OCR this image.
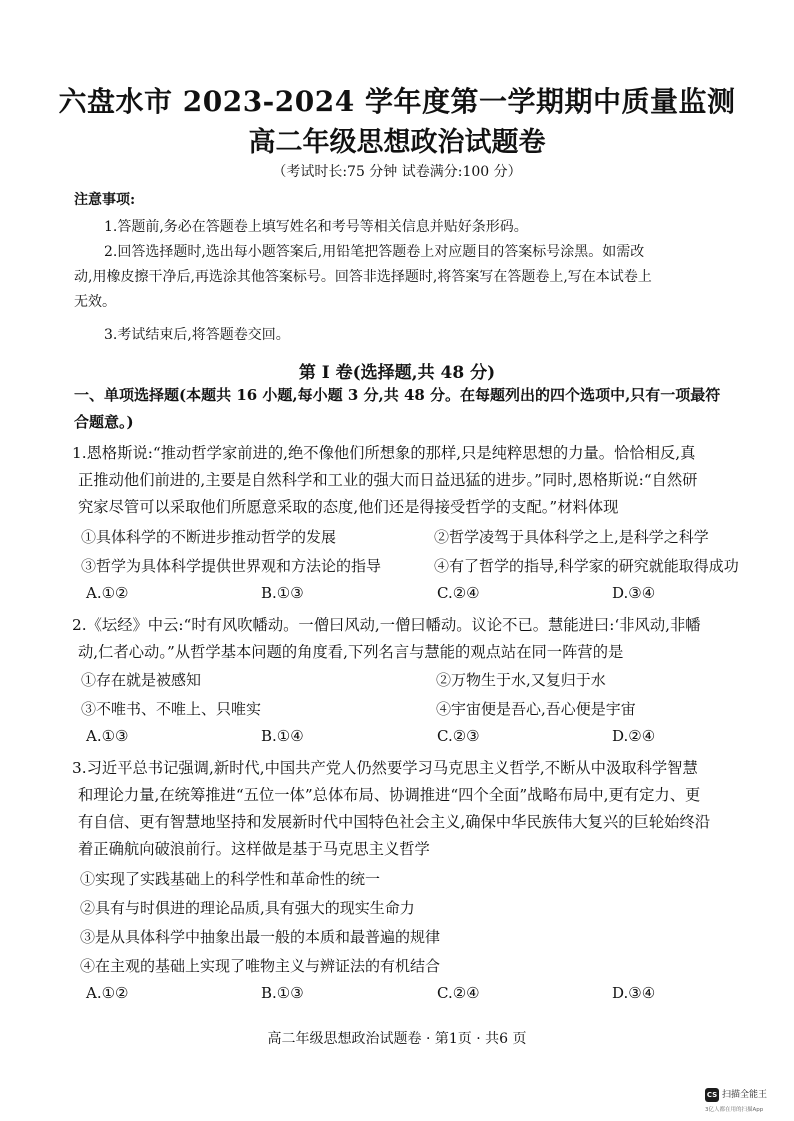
六盘水市 2023-2024 学年度第一学期期中质量监测
高二年级思想政治试题卷
（考试时长:75 分钟 试卷满分:100 分）
注意事项:
1.答题前,务必在答题卷上填写姓名和考号等相关信息并贴好条形码。
2.回答选择题时,选出每小题答案后,用铅笔把答题卷上对应题目的答案标号涂黑。如需改
动,用橡皮擦干净后,再选涂其他答案标号。回答非选择题时,将答案写在答题卷上,写在本试卷上
无效。
3.考试结束后,将答题卷交回。
第 Ⅰ 卷(选择题,共 48 分)
一、单项选择题(本题共 16 小题,每小题 3 分,共 48 分。在每题列出的四个选项中,只有一项最符
合题意。)
1.恩格斯说:“推动哲学家前进的,绝不像他们所想象的那样,只是纯粹思想的力量。恰恰相反,真
正推动他们前进的,主要是自然科学和工业的强大而日益迅猛的进步。”同时,恩格斯说:“自然研
究家尽管可以采取他们所愿意采取的态度,他们还是得接受哲学的支配。”材料体现
①具体科学的不断进步推动哲学的发展	②哲学凌驾于具体科学之上,是科学之科学
③哲学为具体科学提供世界观和方法论的指导	④有了哲学的指导,科学家的研究就能取得成功
A.①②	B.①③	C.②④	D.③④
2.《坛经》中云:“时有风吹幡动。一僧曰风动,一僧曰幡动。议论不已。慧能进曰:‘非风动,非幡
动,仁者心动。”从哲学基本问题的角度看,下列名言与慧能的观点站在同一阵营的是
①存在就是被感知	②万物生于水,又复归于水
③不唯书、不唯上、只唯实	④宇宙便是吾心,吾心便是宇宙
A.①③	B.①④	C.②③	D.②④
3.习近平总书记强调,新时代,中国共产党人仍然要学习马克思主义哲学,不断从中汲取科学智慧
和理论力量,在统筹推进“五位一体”总体布局、协调推进“四个全面”战略布局中,更有定力、更
有自信、更有智慧地坚持和发展新时代中国特色社会主义,确保中华民族伟大复兴的巨轮始终沿
着正确航向破浪前行。这样做是基于马克思主义哲学
①实现了实践基础上的科学性和革命性的统一
②具有与时俱进的理论品质,具有强大的现实生命力
③是从具体科学中抽象出最一般的本质和最普遍的规律
④在主观的基础上实现了唯物主义与辨证法的有机结合
A.①②	B.①③	C.②④	D.③④
高二年级思想政治试题卷 · 第1页 · 共6 页
CS 扫描全能王
3亿人都在用的扫描App
